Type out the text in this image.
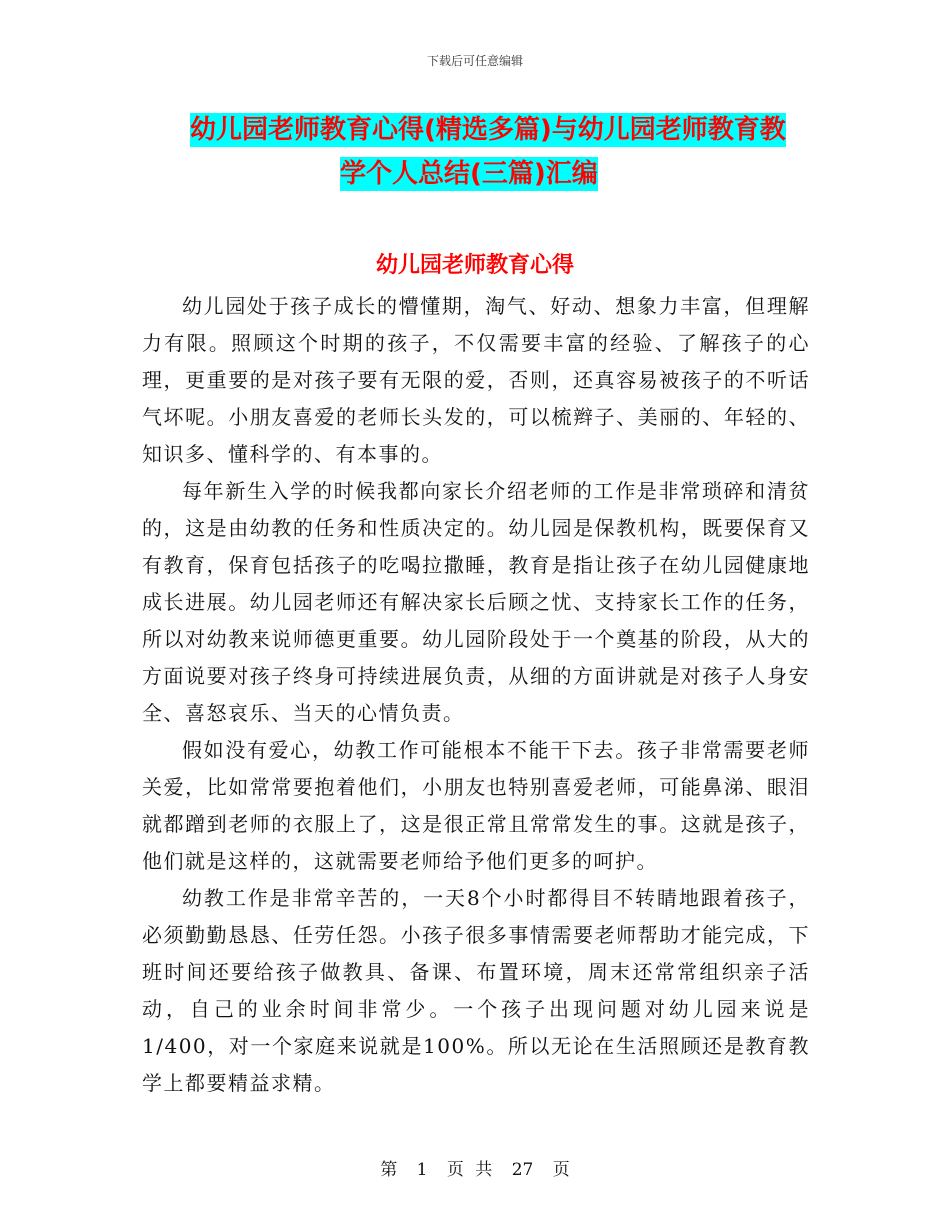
下载后可任意编辑
幼儿园老师教育心得(精选多篇)与幼儿园老师教育教
学个人总结(三篇)汇编
幼儿园老师教育心得

幼儿园处于孩子成长的懵懂期，淘气、好动、想象力丰富，但理解力有限。照顾这个时期的孩子，不仅需要丰富的经验、了解孩子的心理，更重要的是对孩子要有无限的爱，否则，还真容易被孩子的不听话气坏呢。小朋友喜爱的老师长头发的，可以梳辫子、美丽的、年轻的、知识多、懂科学的、有本事的。

每年新生入学的时候我都向家长介绍老师的工作是非常琐碎和清贫的，这是由幼教的任务和性质决定的。幼儿园是保教机构，既要保育又有教育，保育包括孩子的吃喝拉撒睡，教育是指让孩子在幼儿园健康地成长进展。幼儿园老师还有解决家长后顾之忧、支持家长工作的任务，所以对幼教来说师德更重要。幼儿园阶段处于一个奠基的阶段，从大的方面说要对孩子终身可持续进展负责，从细的方面讲就是对孩子人身安全、喜怒哀乐、当天的心情负责。

假如没有爱心，幼教工作可能根本不能干下去。孩子非常需要老师关爱，比如常常要抱着他们，小朋友也特别喜爱老师，可能鼻涕、眼泪就都蹭到老师的衣服上了，这是很正常且常常发生的事。这就是孩子，他们就是这样的，这就需要老师给予他们更多的呵护。

幼教工作是非常辛苦的，一天8个小时都得目不转睛地跟着孩子，必须勤勤恳恳、任劳任怨。小孩子很多事情需要老师帮助才能完成，下班时间还要给孩子做教具、备课、布置环境，周末还常常组织亲子活动，自己的业余时间非常少。一个孩子出现问题对幼儿园来说是1/400，对一个家庭来说就是100%。所以无论在生活照顾还是教育教学上都要精益求精。

第 1 页 共 27 页
